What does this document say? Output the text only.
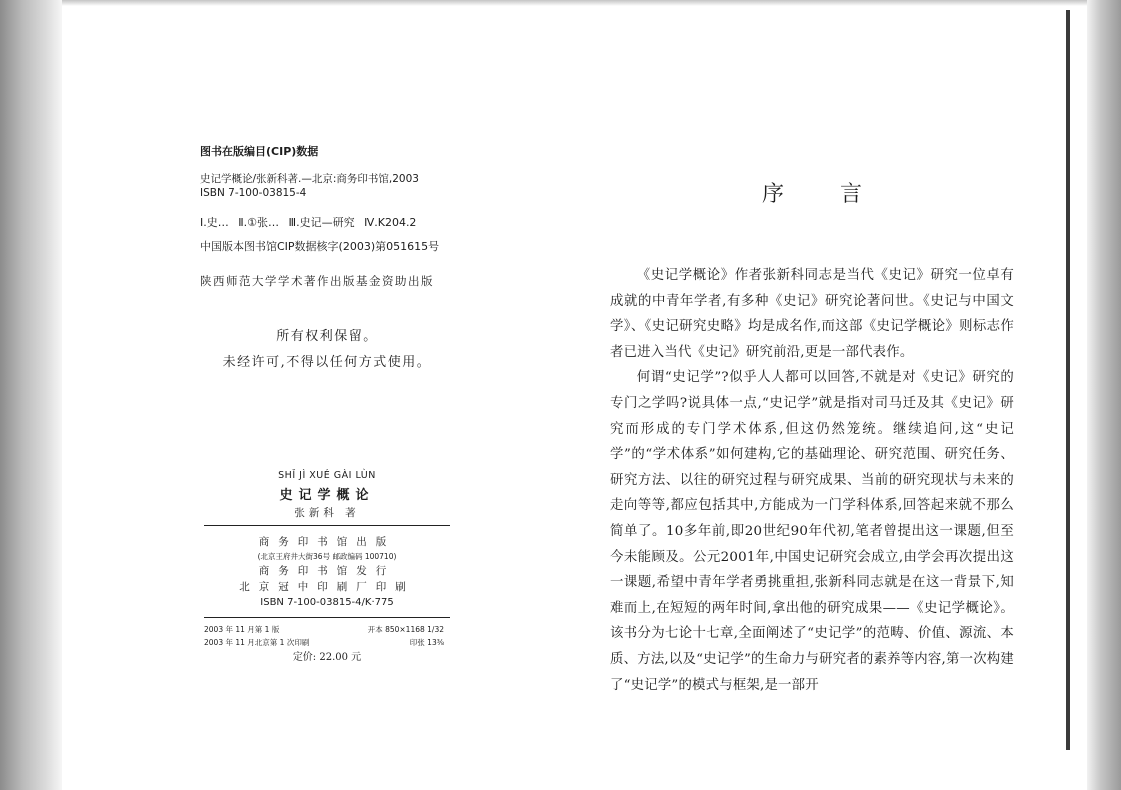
图书在版编目(CIP)数据
史记学概论/张新科著.—北京:商务印书馆,2003
ISBN 7-100-03815-4
Ⅰ.史… Ⅱ.①张… Ⅲ.史记—研究 Ⅳ.K204.2
中国版本图书馆CIP数据核字(2003)第051615号
陕西师范大学学术著作出版基金资助出版
所有权利保留。
未经许可,不得以任何方式使用。
SHǏ JÌ XUÉ GÀI LÙN
史记学概论
张新科 著
商务印书馆出版
(北京王府井大街36号 邮政编码 100710)
商务印书馆发行
北京冠中印刷厂印刷
ISBN 7-100-03815-4/K·775
2003 年 11 月第 1 版	开本 850×1168 1/32
2003 年 11 月北京第 1 次印刷	印张 13⅜
定价: 22.00 元
序言

《史记学概论》作者张新科同志是当代《史记》研究一位卓有成就的中青年学者,有多种《史记》研究论著问世。《史记与中国文学》、《史记研究史略》均是成名作,而这部《史记学概论》则标志作者已进入当代《史记》研究前沿,更是一部代表作。

何谓“史记学”?似乎人人都可以回答,不就是对《史记》研究的专门之学吗?说具体一点,“史记学”就是指对司马迁及其《史记》研究而形成的专门学术体系,但这仍然笼统。继续追问,这“史记学”的“学术体系”如何建构,它的基础理论、研究范围、研究任务、研究方法、以往的研究过程与研究成果、当前的研究现状与未来的走向等等,都应包括其中,方能成为一门学科体系,回答起来就不那么简单了。10多年前,即20世纪90年代初,笔者曾提出这一课题,但至今未能顾及。公元2001年,中国史记研究会成立,由学会再次提出这一课题,希望中青年学者勇挑重担,张新科同志就是在这一背景下,知难而上,在短短的两年时间,拿出他的研究成果——《史记学概论》。该书分为七论十七章,全面阐述了“史记学”的范畴、价值、源流、本质、方法,以及“史记学”的生命力与研究者的素养等内容,第一次构建了“史记学”的模式与框架,是一部开
